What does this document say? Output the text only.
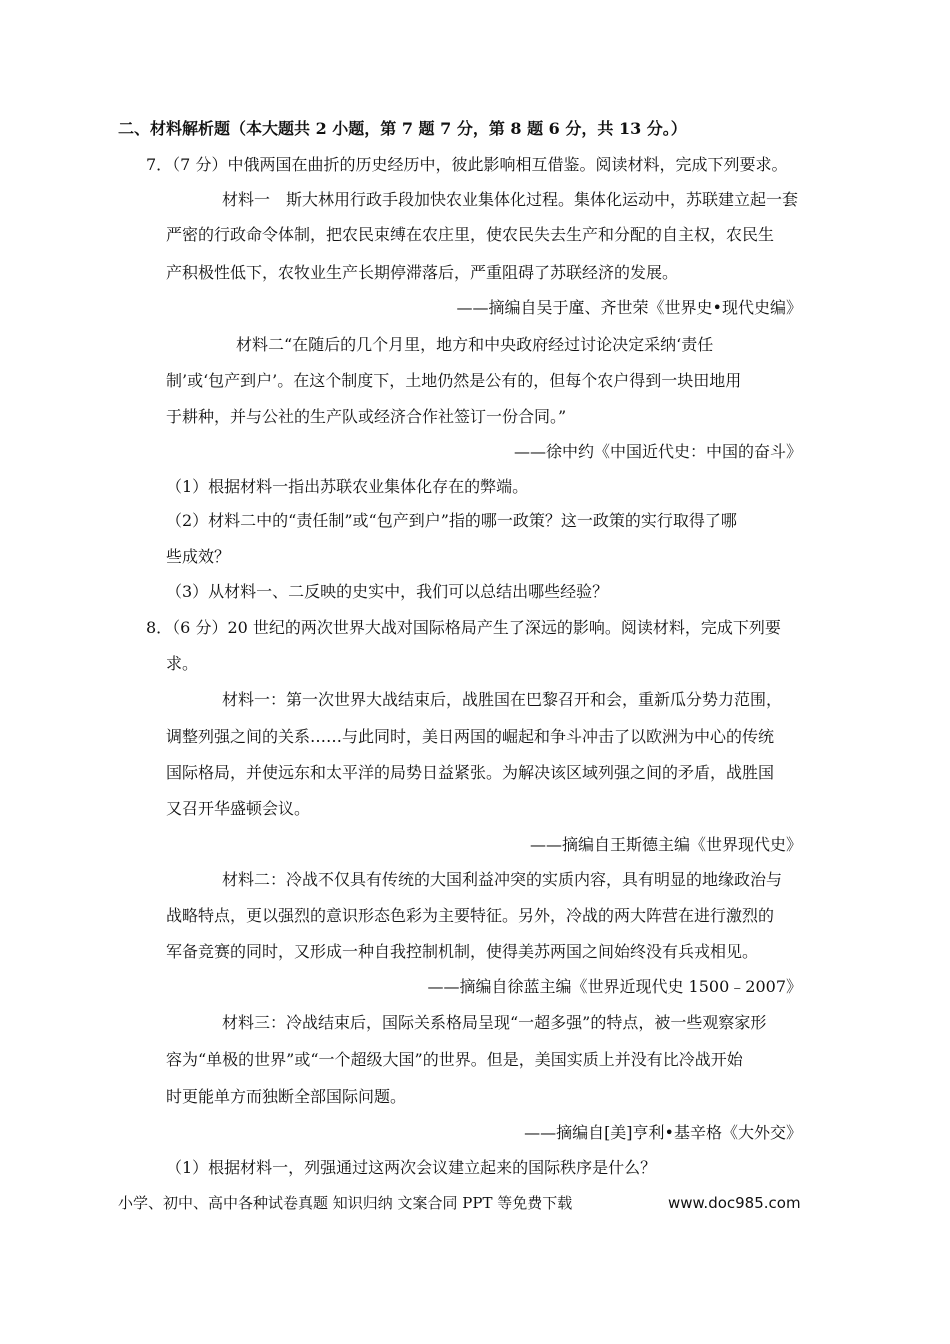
二、材料解析题（本大题共 2 小题，第 7 题 7 分，第 8 题 6 分，共 13 分。）
7．（7 分）中俄两国在曲折的历史经历中，彼此影响相互借鉴。阅读材料，完成下列要求。
材料一　斯大林用行政手段加快农业集体化过程。集体化运动中，苏联建立起一套
严密的行政命令体制，把农民束缚在农庄里，使农民失去生产和分配的自主权，农民生
产积极性低下，农牧业生产长期停滞落后，严重阻碍了苏联经济的发展。
——摘编自吴于廑、齐世荣《世界史•现代史编》
材料二“在随后的几个月里，地方和中央政府经过讨论决定采纳‘责任
制’或‘包产到户’。在这个制度下，土地仍然是公有的，但每个农户得到一块田地用
于耕种，并与公社的生产队或经济合作社签订一份合同。”
——徐中约《中国近代史：中国的奋斗》
（1）根据材料一指出苏联农业集体化存在的弊端。
（2）材料二中的“责任制”或“包产到户”指的哪一政策？这一政策的实行取得了哪
些成效？
（3）从材料一、二反映的史实中，我们可以总结出哪些经验？
8．（6 分）20 世纪的两次世界大战对国际格局产生了深远的影响。阅读材料，完成下列要
求。
材料一：第一次世界大战结束后，战胜国在巴黎召开和会，重新瓜分势力范围，
调整列强之间的关系……与此同时，美日两国的崛起和争斗冲击了以欧洲为中心的传统
国际格局，并使远东和太平洋的局势日益紧张。为解决该区域列强之间的矛盾，战胜国
又召开华盛顿会议。
——摘编自王斯德主编《世界现代史》
材料二：冷战不仅具有传统的大国利益冲突的实质内容，具有明显的地缘政治与
战略特点，更以强烈的意识形态色彩为主要特征。另外，冷战的两大阵营在进行激烈的
军备竞赛的同时，又形成一种自我控制机制，使得美苏两国之间始终没有兵戎相见。
——摘编自徐蓝主编《世界近现代史 1500﹣2007》
材料三：冷战结束后，国际关系格局呈现“一超多强”的特点，被一些观察家形
容为“单极的世界”或“一个超级大国”的世界。但是，美国实质上并没有比冷战开始
时更能单方而独断全部国际问题。
——摘编自[美]亨利•基辛格《大外交》
（1）根据材料一，列强通过这两次会议建立起来的国际秩序是什么？
小学、初中、高中各种试卷真题 知识归纳 文案合同 PPT 等免费下载	www.doc985.com
